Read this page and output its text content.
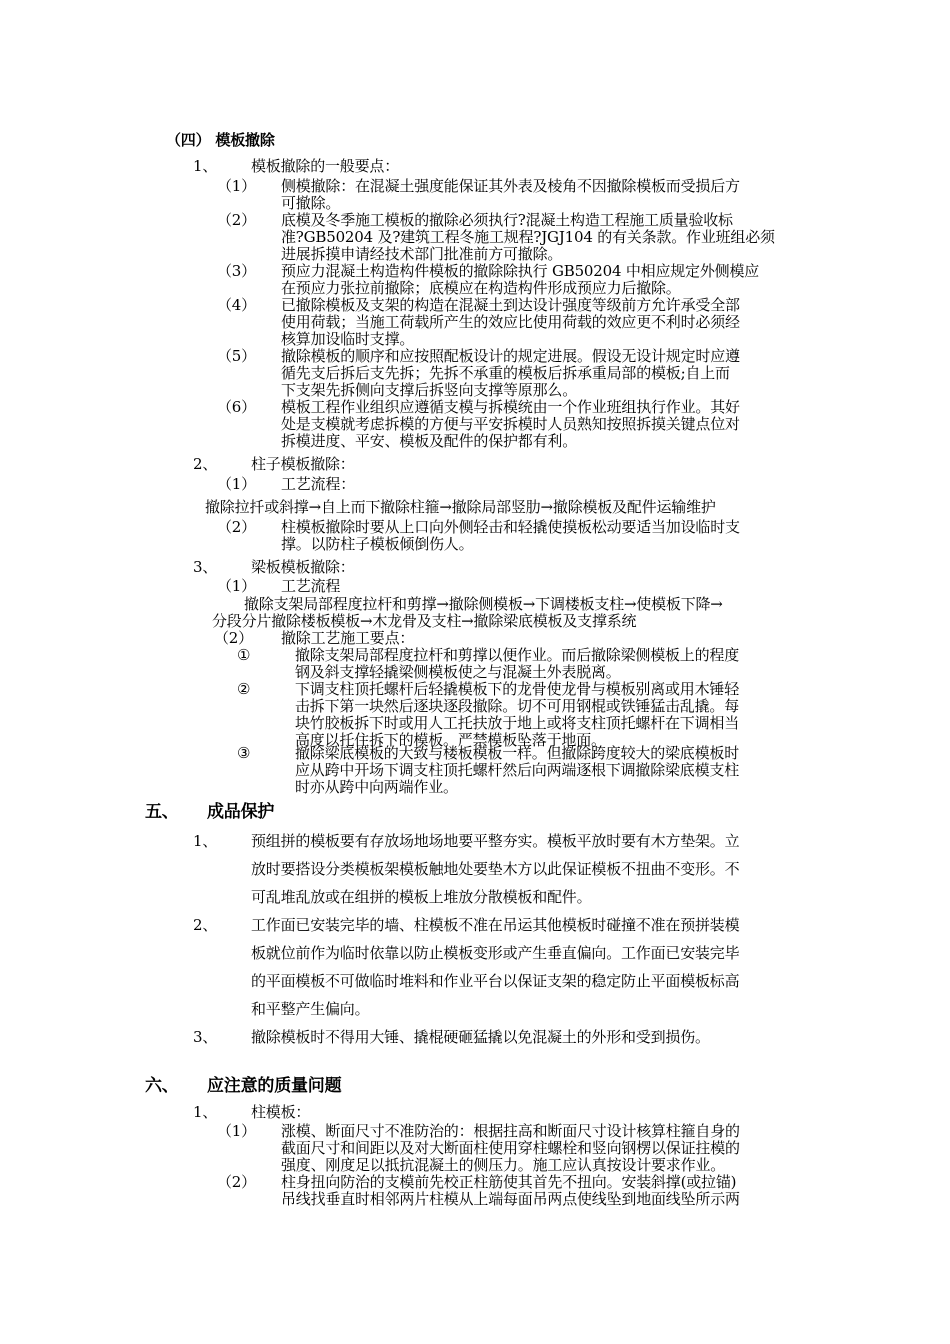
（四） 模板撤除
1、 模板撤除的一般要点：
（1） 侧模撤除：在混凝土强度能保证其外表及棱角不因撤除模板而受损后方
可撤除。
（2） 底模及冬季施工模板的撤除必须执行?混凝土构造工程施工质量验收标
准?GB50204 及?建筑工程冬施工规程?JGJ104 的有关条款。作业班组必须
进展拆摸申请经技术部门批准前方可撤除。
（3） 预应力混凝土构造构件模板的撤除除执行 GB50204 中相应规定外侧模应
在预应力张拉前撤除；底模应在构造构件形成预应力后撤除。
（4） 已撤除模板及支架的构造在混凝土到达设计强度等级前方允许承受全部
使用荷载；当施工荷载所产生的效应比使用荷载的效应更不利时必须经
核算加设临时支撑。
（5） 撤除模板的顺序和应按照配板设计的规定进展。假设无设计规定时应遵
循先支后拆后支先拆；先拆不承重的模板后拆承重局部的模板;自上而
下支架先拆侧向支撑后拆竖向支撑等原那么。
（6） 模板工程作业组织应遵循支模与拆模统由一个作业班组执行作业。其好
处是支模就考虑拆模的方便与平安拆模时人员熟知按照拆摸关键点位对
拆模进度、平安、模板及配件的保护都有利。
2、 柱子模板撤除：
（1） 工艺流程：
撤除拉扦或斜撑→自上而下撤除柱箍→撤除局部竖肋→撤除模板及配件运输维护
（2） 柱模板撤除时要从上口向外侧轻击和轻撬使摸板松动要适当加设临时支
撑。以防柱子模板倾倒伤人。
3、 梁板模板撤除：
（1） 工艺流程
撤除支架局部程度拉杆和剪撑→撤除侧模板→下调楼板支柱→使模板下降→
分段分片撤除楼板模板→木龙骨及支柱→撤除梁底模板及支撑系统
（2） 撤除工艺施工要点：
①	撤除支架局部程度拉杆和剪撑以便作业。而后撤除梁侧模板上的程度
钢及斜支撑轻撬梁侧模板使之与混凝土外表脱离。
②	下调支柱顶托螺杆后轻撬模板下的龙骨使龙骨与模板别离或用木锤轻
击拆下第一块然后逐块逐段撤除。切不可用钢棍或铁锤猛击乱撬。每
块竹胶板拆下时或用人工托扶放于地上或将支柱顶托螺杆在下调相当
高度以托住拆下的模板。严禁模板坠落于地面。
③	撤除梁底模板的大致与楼板模板一样。但撤除跨度较大的梁底模板时
应从跨中开场下调支柱顶托螺杆然后向两端逐根下调撤除梁底模支柱
时亦从跨中向两端作业。
五、 成品保护
1、 预组拼的模板要有存放场地场地要平整夯实。模板平放时要有木方垫架。立
放时要搭设分类模板架模板触地处要垫木方以此保证模板不扭曲不变形。不
可乱堆乱放或在组拼的模板上堆放分散模板和配件。
2、 工作面已安装完毕的墙、柱模板不准在吊运其他模板时碰撞不准在预拼装模
板就位前作为临时依靠以防止模板变形或产生垂直偏向。工作面已安装完毕
的平面模板不可做临时堆料和作业平台以保证支架的稳定防止平面模板标高
和平整产生偏向。
3、 撤除模板时不得用大锤、撬棍硬砸猛撬以免混凝土的外形和受到损伤。
六、 应注意的质量问题
1、 柱模板：
（1） 涨模、断面尺寸不准防治的：根据拄高和断面尺寸设计核算柱箍自身的
截面尺寸和间距以及对大断面柱使用穿柱螺栓和竖向钢楞以保证拄模的
强度、刚度足以抵抗混凝土的侧压力。施工应认真按设计要求作业。
（2） 柱身扭向防治的支模前先校正柱筋使其首先不扭向。安装斜撑(或拉锚)
吊线找垂直时相邻两片柱模从上端每面吊两点使线坠到地面线坠所示两
